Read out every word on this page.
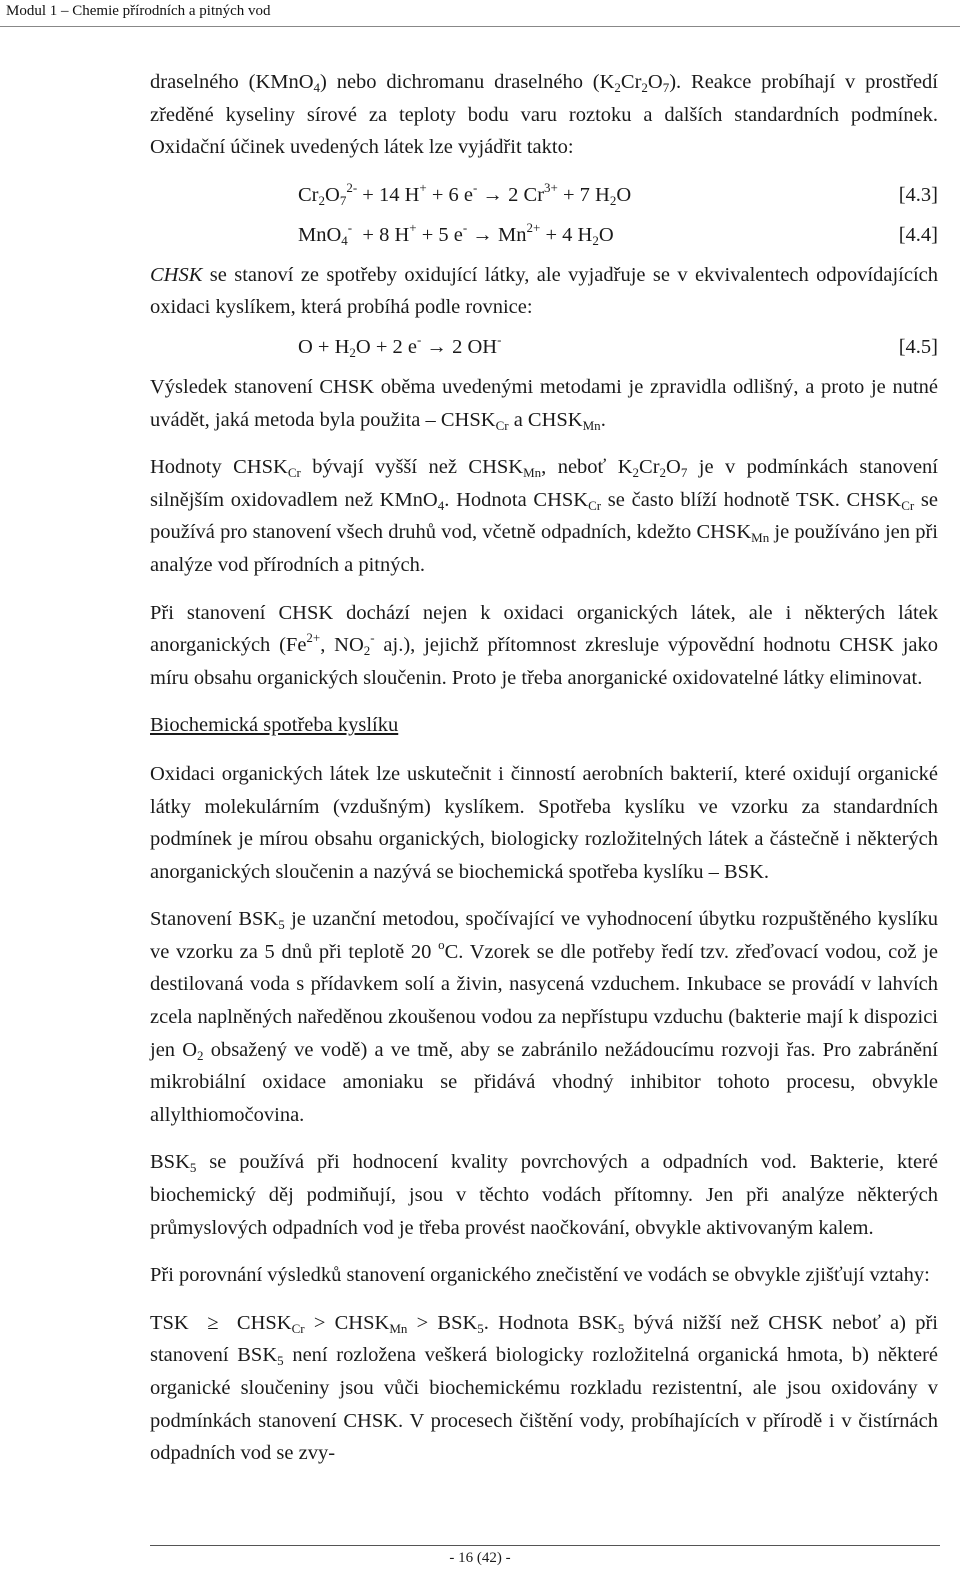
Modul 1 – Chemie přírodních a pitných vod

draselného (KMnO$_4$) nebo dichromanu draselného $(K_2Cr_2O_7)$. Reakce probíhají v prostředí zředěné kyseliny sírové za teploty bodu varu roztoku a dalších standardních podmínek. Oxidační účinek uvedených látek lze vyjádřit takto:

$Cr_2O_7^{2-} + 14$ H+ + 6 e- → 2 $Cr^{3+} + 7$ $H_2O$	[4.3]
MnO$_4$-  + 8 H+ + 5 $e^- \to Mn^{2+} + 4$ $H_2O$	[4.4]

CHSK se stanoví ze spotřeby oxidující látky, ale vyjadřuje se v ekvivalentech odpovídajících oxidaci kyslíkem, která probíhá podle rovnice:

$O + H_2O + 2$ e- → 2 OH-	[4.5]

Výsledek stanovení CHSK oběma uvedenými metodami je zpravidla odlišný, a proto je nutné uvádět, jaká metoda byla použita – $CHSK_{Cr}$ a $CHSK_{Mn}$.

Hodnoty $CHSK_{Cr}$ bývají vyšší než $CHSK_{Mn}$, neboť $K_2Cr_2O_7$ je v podmínkách stanovení silnějším oxidovadlem než KMnO$_4$. Hodnota $CHSK_{Cr}$ se často blíží hodnotě TSK. $CHSK_{Cr}$ se používá pro stanovení všech druhů vod, včetně odpadních, kdežto $CHSK_{Mn}$ je používáno jen při analýze vod přírodních a pitných.

Při stanovení CHSK dochází nejen k oxidaci organických látek, ale i některých látek anorganických ($Fe^{2+}$, $NO_2^-$ aj.), jejichž přítomnost zkresluje výpovědní hodnotu CHSK jako míru obsahu organických sloučenin. Proto je třeba anorganické oxidovatelné látky eliminovat.

Biochemická spotřeba kyslíku

Oxidaci organických látek lze uskutečnit i činností aerobních bakterií, které oxidují organické látky molekulárním (vzdušným) kyslíkem. Spotřeba kyslíku ve vzorku za standardních podmínek je mírou obsahu organických, biologicky rozložitelných látek a částečně i některých anorganických sloučenin a nazývá se biochemická spotřeba kyslíku – BSK.

Stanovení $BSK_5$ je uzanční metodou, spočívající ve vyhodnocení úbytku rozpuštěného kyslíku ve vzorku za 5 dnů při teplotě 20 $^o$C. Vzorek se dle potřeby ředí tzv. zřeďovací vodou, což je destilovaná voda s přídavkem solí a živin, nasycená vzduchem. Inkubace se provádí v lahvích zcela naplněných naředěnou zkoušenou vodou za nepřístupu vzduchu (bakterie mají k dispozici jen $O_2$ obsažený ve vodě) a ve tmě, aby se zabránilo nežádoucímu rozvoji řas. Pro zabránění mikrobiální oxidace amoniaku se přidává vhodný inhibitor tohoto procesu, obvykle allylthiomočovina.

$BSK_5$ se používá při hodnocení kvality povrchových a odpadních vod. Bakterie, které biochemický děj podmiňují, jsou v těchto vodách přítomny. Jen při analýze některých průmyslových odpadních vod je třeba provést naočkování, obvykle aktivovaným kalem.

Při porovnání výsledků stanovení organického znečistění ve vodách se obvykle zjišťují vztahy:

TSK  ≥  $CHSK_{Cr}$ > $CHSK_{Mn} > BSK_5$. Hodnota $BSK_5$ bývá nižší než CHSK neboť a) při stanovení $BSK_5$ není rozložena veškerá biologicky rozložitelná organická hmota, b) některé organické sloučeniny jsou vůči biochemickému rozkladu rezistentní, ale jsou oxidovány v podmínkách stanovení CHSK. V procesech čištění vody, probíhajících v přírodě i v čistírnách odpadních vod se zvy-

- 16 (42) -
